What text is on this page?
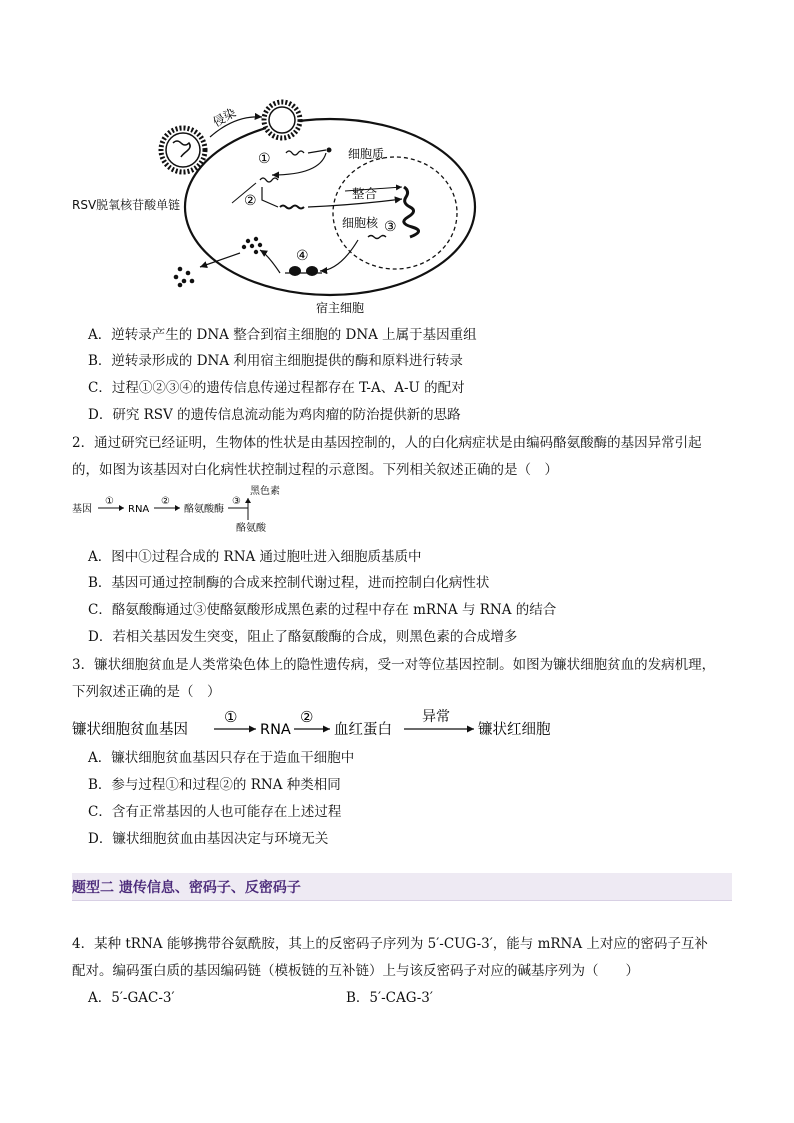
侵染
细胞质
整合
细胞核
宿主细胞
①
②
③
④
RSV脱氧核苷酸单链
A．逆转录产生的 DNA 整合到宿主细胞的 DNA 上属于基因重组
B．逆转录形成的 DNA 利用宿主细胞提供的酶和原料进行转录
C．过程①②③④的遗传信息传递过程都存在 T-A、A-U 的配对
D．研究 RSV 的遗传信息流动能为鸡肉瘤的防治提供新的思路
2．通过研究已经证明，生物体的性状是由基因控制的，人的白化病症状是由编码酪氨酸酶的基因异常引起
的，如图为该基因对白化病性状控制过程的示意图。下列相关叙述正确的是（　）
基因
①
RNA
②
酪氨酸酶
③
黑色素
酪氨酸
A．图中①过程合成的 RNA 通过胞吐进入细胞质基质中
B．基因可通过控制酶的合成来控制代谢过程，进而控制白化病性状
C．酪氨酸酶通过③使酪氨酸形成黑色素的过程中存在 mRNA 与 RNA 的结合
D．若相关基因发生突变，阻止了酪氨酸酶的合成，则黑色素的合成增多
3．镰状细胞贫血是人类常染色体上的隐性遗传病，受一对等位基因控制。如图为镰状细胞贫血的发病机理，
下列叙述正确的是（　）
镰状细胞贫血基因
①
RNA
②
血红蛋白
异常
镰状红细胞
A．镰状细胞贫血基因只存在于造血干细胞中
B．参与过程①和过程②的 RNA 种类相同
C．含有正常基因的人也可能存在上述过程
D．镰状细胞贫血由基因决定与环境无关
题型二 遗传信息、密码子、反密码子
4．某种 tRNA 能够携带谷氨酰胺，其上的反密码子序列为 5′-CUG-3′，能与 mRNA 上对应的密码子互补
配对。编码蛋白质的基因编码链（模板链的互补链）上与该反密码子对应的碱基序列为（　　）
A．5′-GAC-3′	B．5′-CAG-3′
